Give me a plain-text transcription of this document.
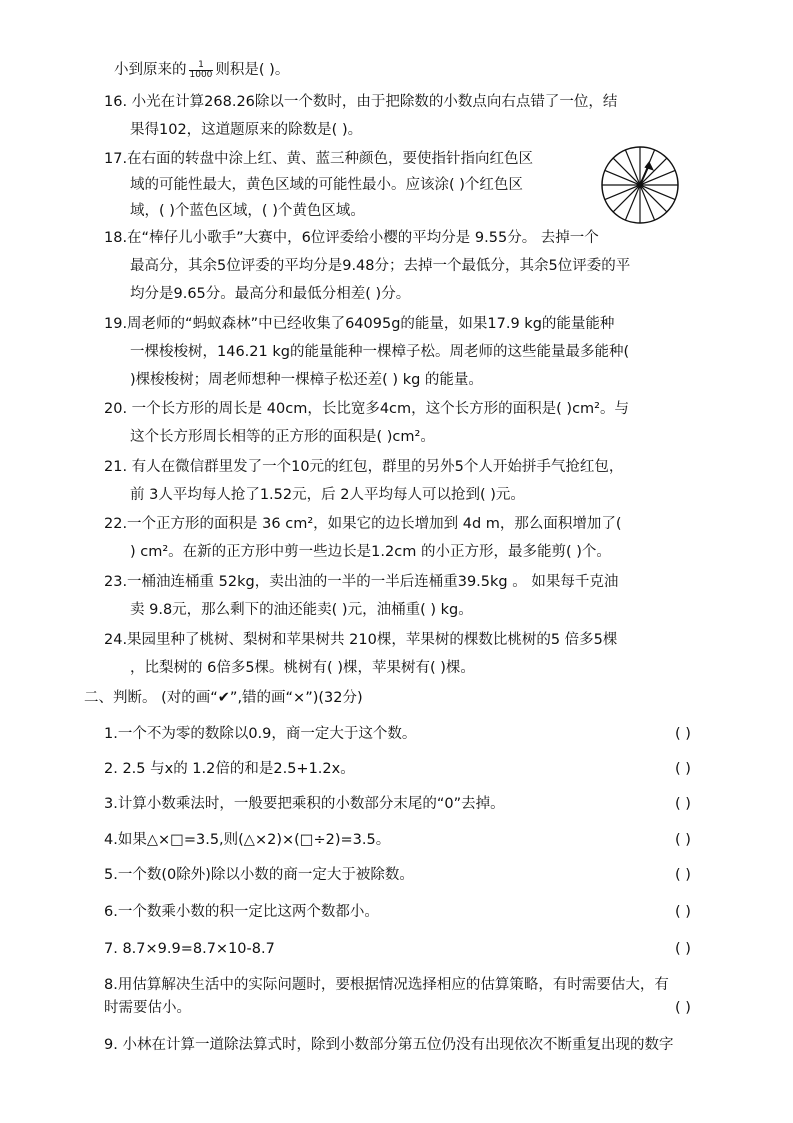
小到原来的 $\frac{1}{1000}$ 则积是( )。
16. 小光在计算268.26除以一个数时，由于把除数的小数点向右点错了一位，结
果得102，这道题原来的除数是( )。
17.在右面的转盘中涂上红、黄、蓝三种颜色，要使指针指向红色区
域的可能性最大，黄色区域的可能性最小。应该涂( )个红色区
域，( )个蓝色区域，( )个黄色区域。
18.在“棒仔儿小歌手”大赛中，6位评委给小樱的平均分是 9.55分。 去掉一个
最高分，其余5位评委的平均分是9.48分；去掉一个最低分，其余5位评委的平
均分是9.65分。最高分和最低分相差( )分。
19.周老师的“蚂蚁森林”中已经收集了64095g的能量，如果17.9 kg的能量能种
一棵梭梭树，146.21 kg的能量能种一棵樟子松。周老师的这些能量最多能种(
)棵梭梭树；周老师想种一棵樟子松还差( ) kg 的能量。
20. 一个长方形的周长是 40cm，长比宽多4cm，这个长方形的面积是( )cm²。与
这个长方形周长相等的正方形的面积是( )cm²。
21. 有人在微信群里发了一个10元的红包，群里的另外5个人开始拼手气抢红包，
前 3人平均每人抢了1.52元，后 2人平均每人可以抢到( )元。
22.一个正方形的面积是 36 cm²，如果它的边长增加到 4d m，那么面积增加了(
) cm²。在新的正方形中剪一些边长是1.2cm 的小正方形，最多能剪( )个。
23.一桶油连桶重 52kg，卖出油的一半的一半后连桶重39.5kg 。 如果每千克油
卖 9.8元，那么剩下的油还能卖( )元，油桶重( ) kg。
24.果园里种了桃树、梨树和苹果树共 210棵，苹果树的棵数比桃树的5 倍多5棵
，比梨树的 6倍多5棵。桃树有( )棵，苹果树有( )棵。
二、判断。 (对的画“✔”,错的画“×”)(32分)
1.一个不为零的数除以0.9，商一定大于这个数。	( )
2. 2.5 与x的 1.2倍的和是2.5+1.2x。	( )
3.计算小数乘法时，一般要把乘积的小数部分末尾的“0”去掉。	( )
4.如果△×□=3.5,则(△×2)×(□÷2)=3.5。	( )
5.一个数(0除外)除以小数的商一定大于被除数。	( )
6.一个数乘小数的积一定比这两个数都小。	( )
7. 8.7×9.9=8.7×10-8.7	( )
8.用估算解决生活中的实际问题时，要根据情况选择相应的估算策略，有时需要估大，有
时需要估小。	( )
9. 小林在计算一道除法算式时，除到小数部分第五位仍没有出现依次不断重复出现的数字
